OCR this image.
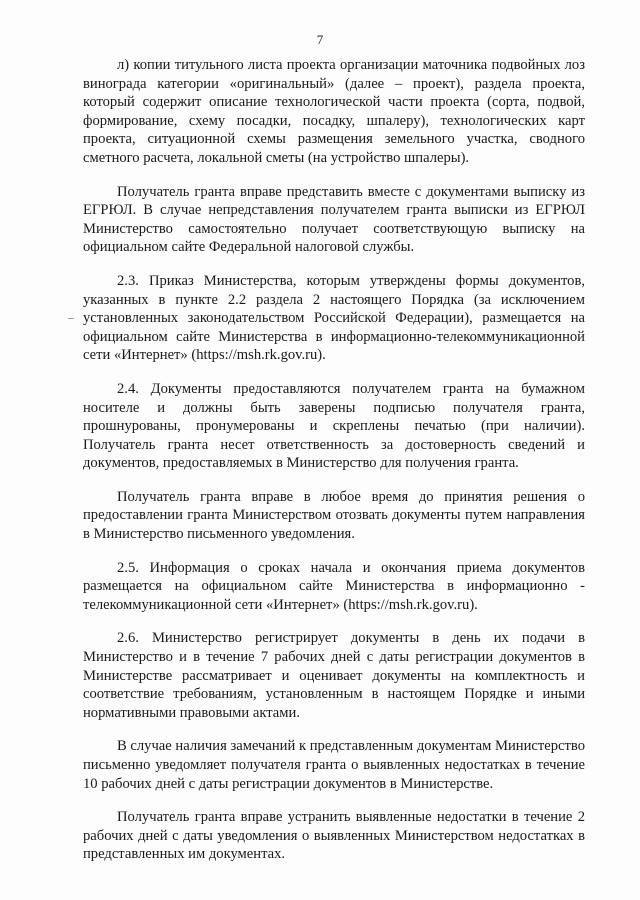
7

л) копии титульного листа проекта организации маточника подвойных лоз винограда категории «оригинальный» (далее – проект), раздела проекта, который содержит описание технологической части проекта (сорта, подвой, формирование, схему посадки, посадку, шпалеру), технологических карт проекта, ситуационной схемы размещения земельного участка, сводного сметного расчета, локальной сметы (на устройство шпалеры).

Получатель гранта вправе представить вместе с документами выписку из ЕГРЮЛ. В случае непредставления получателем гранта выписки из ЕГРЮЛ Министерство самостоятельно получает соответствующую выписку на официальном сайте Федеральной налоговой службы.

2.3. Приказ Министерства, которым утверждены формы документов, указанных в пункте 2.2 раздела 2 настоящего Порядка (за исключением установленных законодательством Российской Федерации), размещается на официальном сайте Министерства в информационно-телекоммуникационной сети «Интернет» (https://msh.rk.gov.ru).

2.4. Документы предоставляются получателем гранта на бумажном носителе и должны быть заверены подписью получателя гранта, прошнурованы, пронумерованы и скреплены печатью (при наличии). Получатель гранта несет ответственность за достоверность сведений и документов, предоставляемых в Министерство для получения гранта.

Получатель гранта вправе в любое время до принятия решения о предоставлении гранта Министерством отозвать документы путем направления в Министерство письменного уведомления.

2.5. Информация о сроках начала и окончания приема документов размещается на официальном сайте Министерства в информационно - телекоммуникационной сети «Интернет» (https://msh.rk.gov.ru).

2.6. Министерство регистрирует документы в день их подачи в Министерство и в течение 7 рабочих дней с даты регистрации документов в Министерстве рассматривает и оценивает документы на комплектность и соответствие требованиям, установленным в настоящем Порядке и иными нормативными правовыми актами.

В случае наличия замечаний к представленным документам Министерство письменно уведомляет получателя гранта о выявленных недостатках в течение 10 рабочих дней с даты регистрации документов в Министерстве.

Получатель гранта вправе устранить выявленные недостатки в течение 2 рабочих дней с даты уведомления о выявленных Министерством недостатках в представленных им документах.
